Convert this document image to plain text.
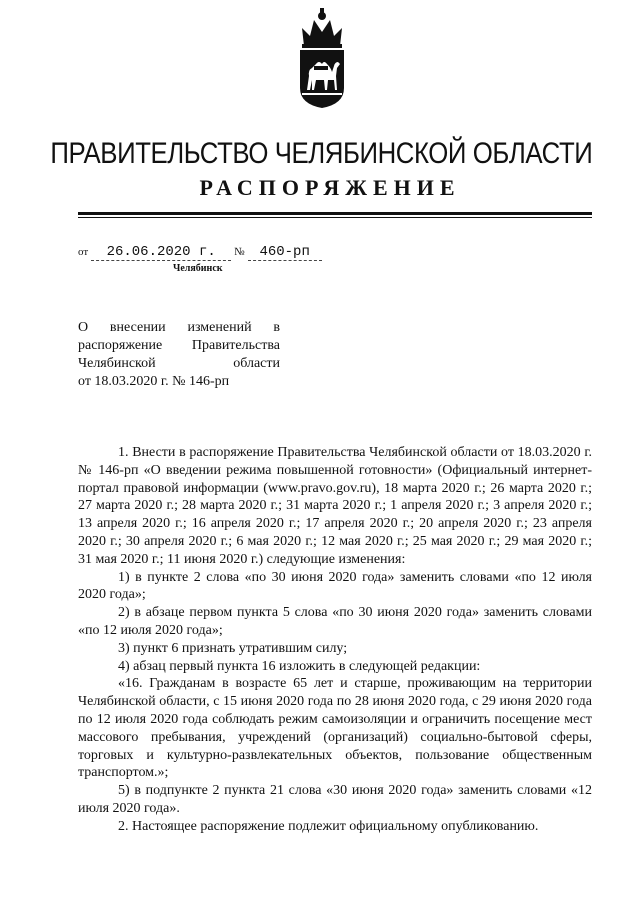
ПРАВИТЕЛЬСТВО ЧЕЛЯБИНСКОЙ ОБЛАСТИ
РАСПОРЯЖЕНИЕ
от 26.06.2020 г. № 460-рп
Челябинск
О внесении изменений в
распоряжение Правительства
Челябинской области
от 18.03.2020 г. № 146-рп

1. Внести в распоряжение Правительства Челябинской области от 18.03.2020 г. № 146-рп «О введении режима повышенной готовности» (Официальный интернет-портал правовой информации (www.pravo.gov.ru), 18 марта 2020 г.; 26 марта 2020 г.; 27 марта 2020 г.; 28 марта 2020 г.; 31 марта 2020 г.; 1 апреля 2020 г.; 3 апреля 2020 г.; 13 апреля 2020 г.; 16 апреля 2020 г.; 17 апреля 2020 г.; 20 апреля 2020 г.; 23 апреля 2020 г.; 30 апреля 2020 г.; 6 мая 2020 г.; 12 мая 2020 г.; 25 мая 2020 г.; 29 мая 2020 г.; 31 мая 2020 г.; 11 июня 2020 г.) следующие изменения:

1) в пункте 2 слова «по 30 июня 2020 года» заменить словами «по 12 июля 2020 года»;

2) в абзаце первом пункта 5 слова «по 30 июня 2020 года» заменить словами «по 12 июля 2020 года»;

3) пункт 6 признать утратившим силу;

4) абзац первый пункта 16 изложить в следующей редакции:

«16. Гражданам в возрасте 65 лет и старше, проживающим на территории Челябинской области, с 15 июня 2020 года по 28 июня 2020 года, с 29 июня 2020 года по 12 июля 2020 года соблюдать режим самоизоляции и ограничить посещение мест массового пребывания, учреждений (организаций) социально-бытовой сферы, торговых и культурно-развлекательных объектов, пользование общественным транспортом.»;

5) в подпункте 2 пункта 21 слова «30 июня 2020 года» заменить словами «12 июля 2020 года».

2. Настоящее распоряжение подлежит официальному опубликованию.
